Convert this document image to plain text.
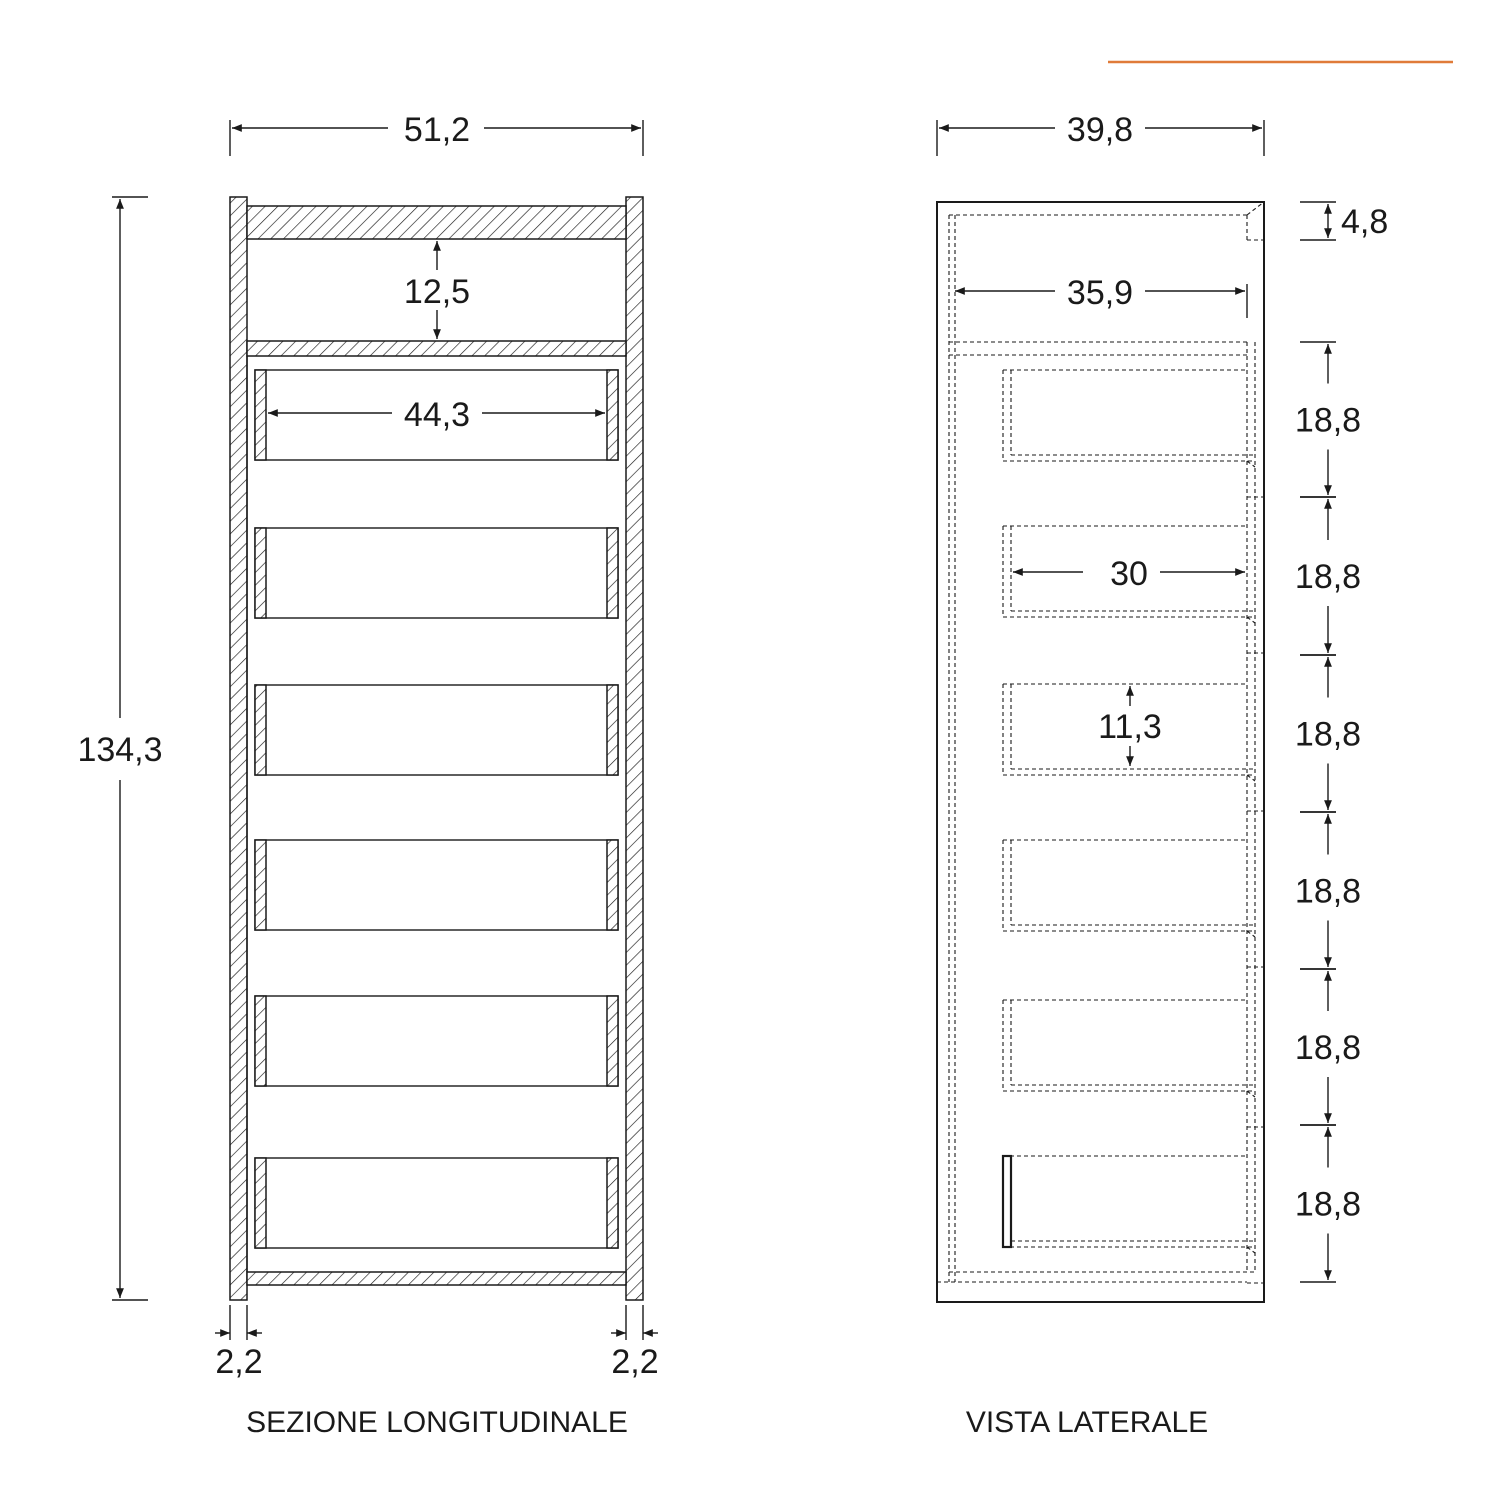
51,2
134,3
12,5
44,3
2,2	2,2
SEZIONE LONGITUDINALE
39,8
35,9
4,8
30
11,3
18,8
18,8
18,8
18,8
18,8
18,8
VISTA LATERALE
